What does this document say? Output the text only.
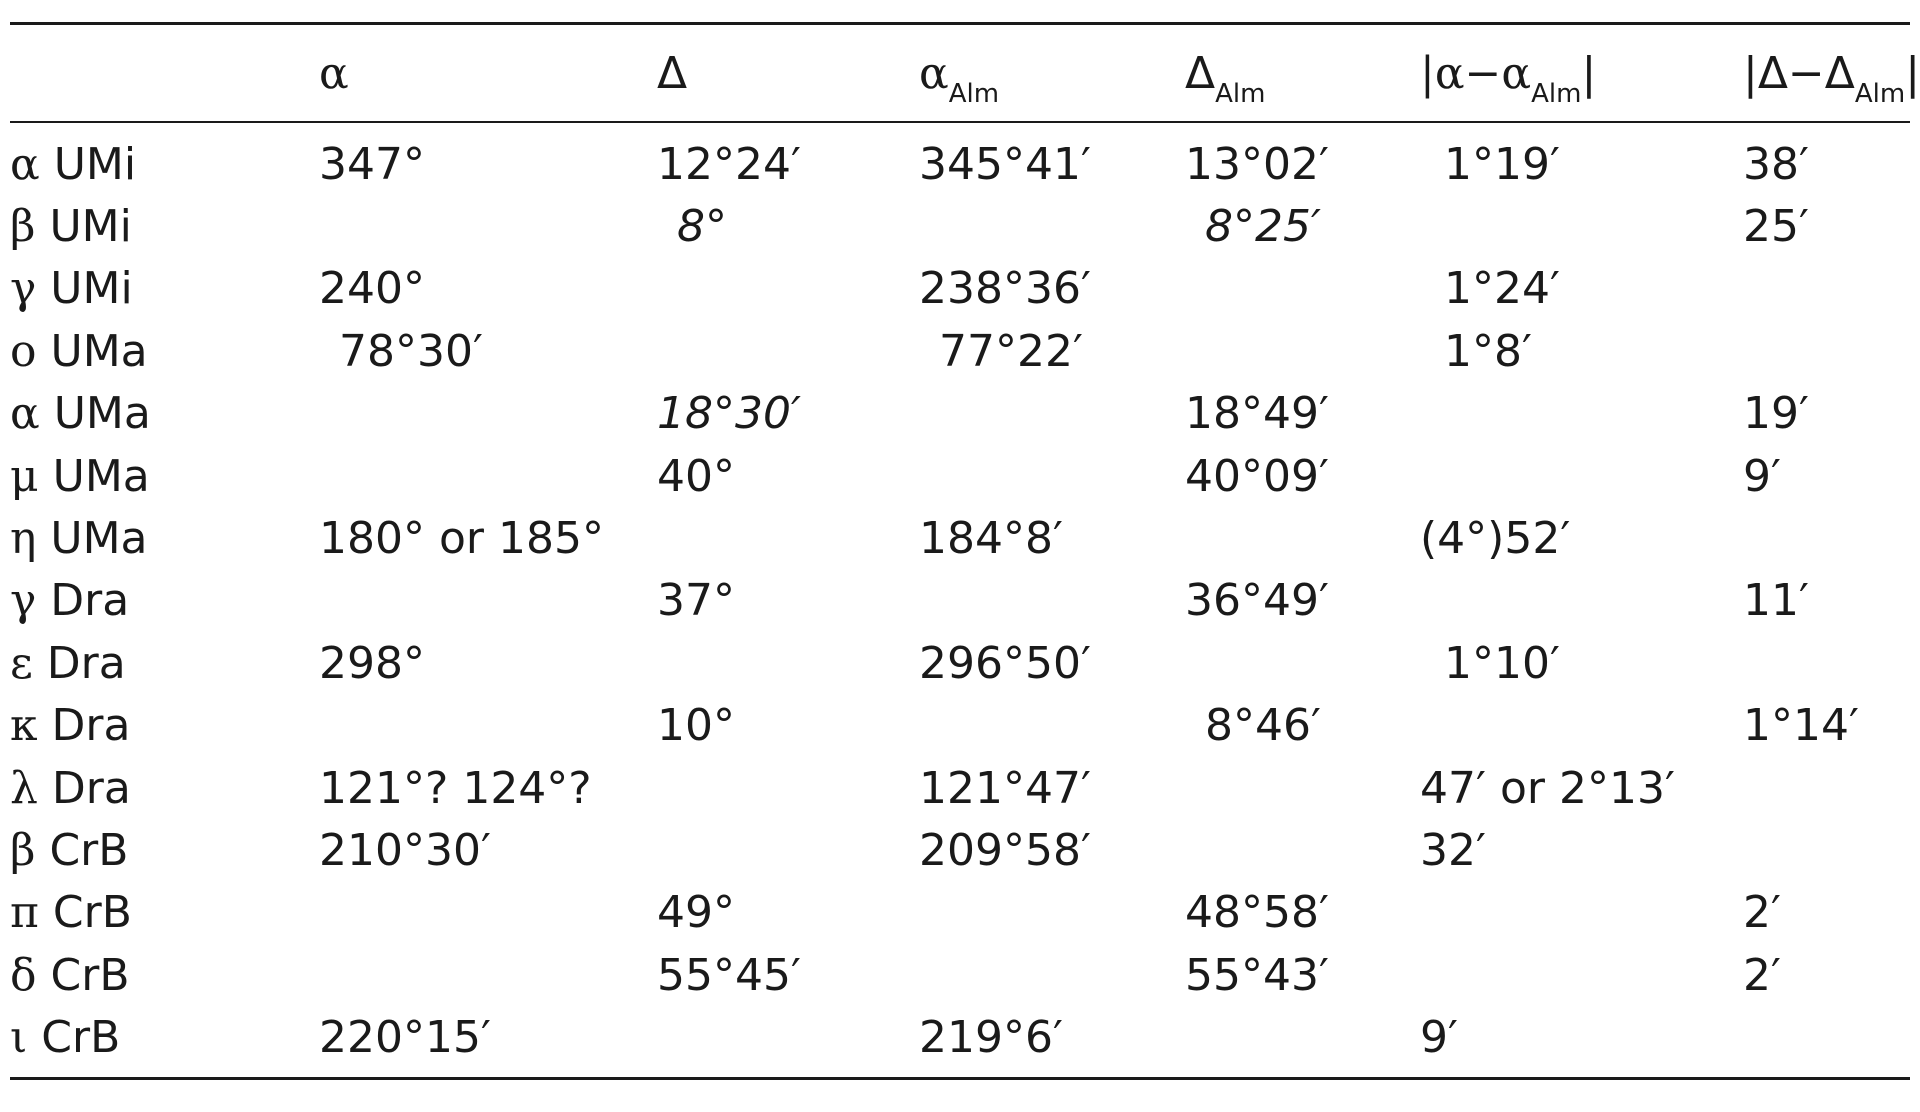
	α	Δ	$\alpha_{Alm}$	$\Delta_{Alm}$	$|\alpha-\alpha_{Alm}|$	$|\Delta-\Delta_{Alm}|$
α UMi	347°	12°24′	345°41′	13°02′	1°19′	38′
β UMi		8°		8°25′		25′
γ UMi	240°		238°36′		1°24′	
o UMa	78°30′		77°22′		1°8′	
α UMa		18°30′		18°49′		19′
μ UMa		40°		40°09′		9′
η UMa	180° or 185°		184°8′		(4°)52′	
γ Dra		37°		36°49′		11′
ε Dra	298°		296°50′		1°10′	
κ Dra		10°		8°46′		1°14′
λ Dra	121°? 124°?		121°47′		47′ or 2°13′	
β CrB	210°30′		209°58′		32′	
π CrB		49°		48°58′		2′
δ CrB		55°45′		55°43′		2′
ι CrB	220°15′		219°6′		9′	
